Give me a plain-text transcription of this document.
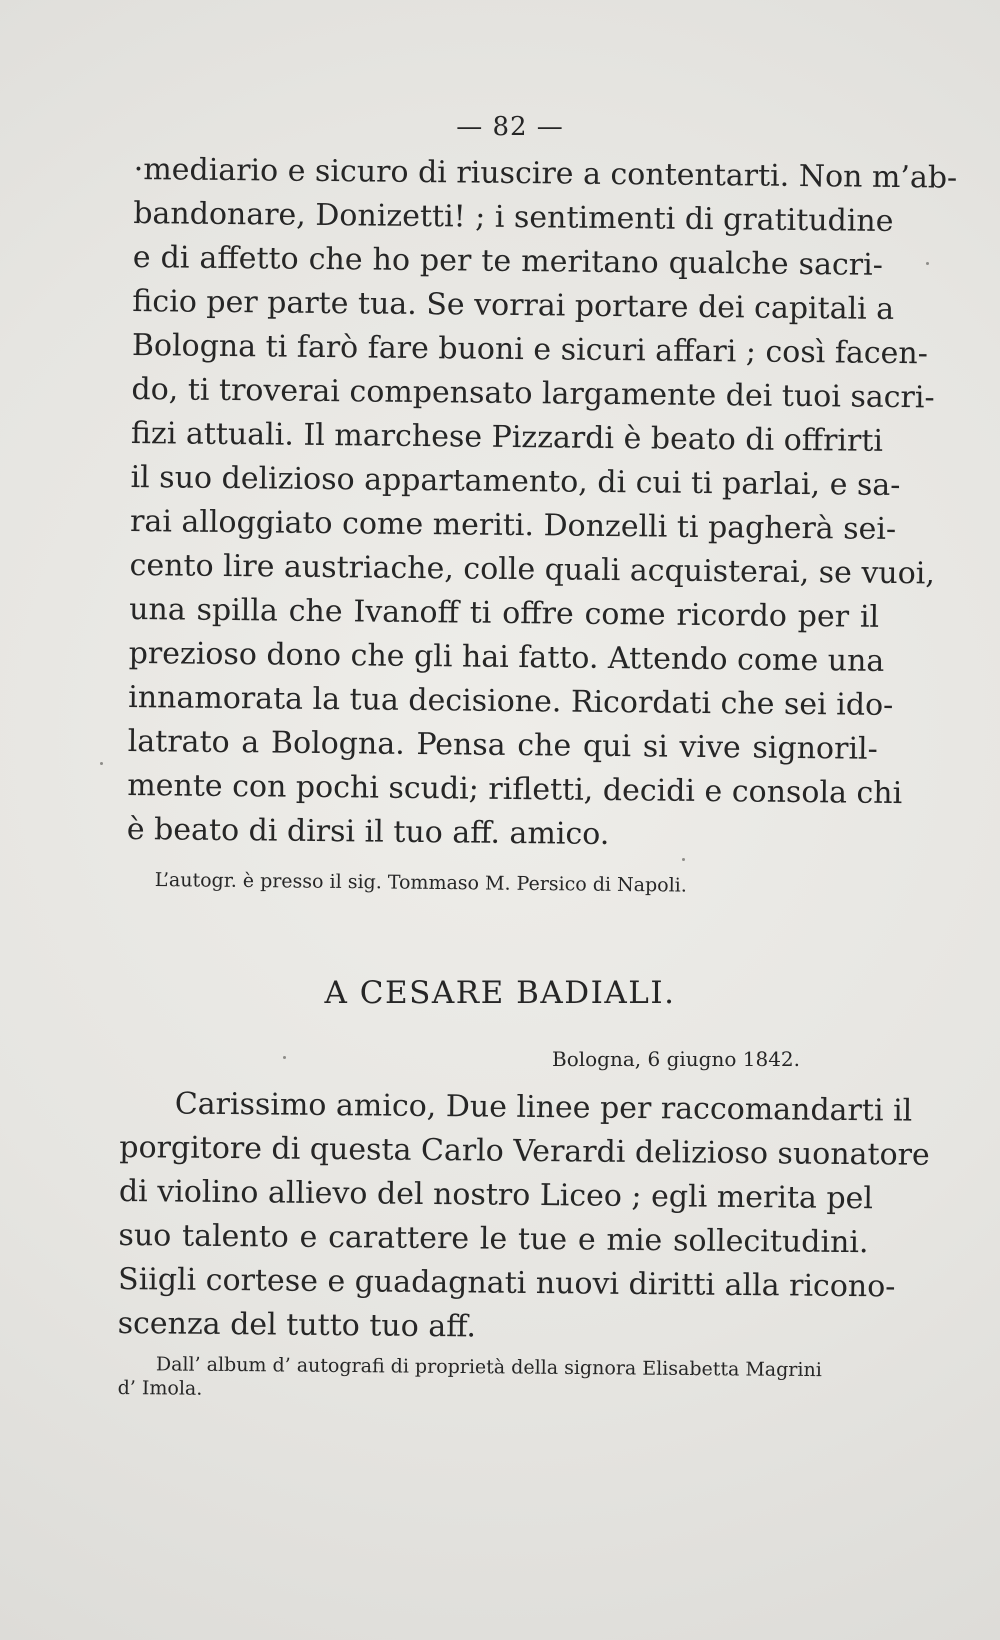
— 82 —
·mediario e sicuro di riuscire a contentarti. Non m’ab-
bandonare, Donizetti! ; i sentimenti di gratitudine
e di affetto che ho per te meritano qualche sacri-
ficio per parte tua. Se vorrai portare dei capitali a
Bologna ti farò fare buoni e sicuri affari ; così facen-
do, ti troverai compensato largamente dei tuoi sacri-
fizi attuali. Il marchese Pizzardi è beato di offrirti
il suo delizioso appartamento, di cui ti parlai, e sa-
rai alloggiato come meriti. Donzelli ti pagherà sei-
cento lire austriache, colle quali acquisterai, se vuoi,
una spilla che Ivanoff ti offre come ricordo per il
prezioso dono che gli hai fatto. Attendo come una
innamorata la tua decisione. Ricordati che sei ido-
latrato a Bologna. Pensa che qui si vive signoril-
mente con pochi scudi; rifletti, decidi e consola chi
è beato di dirsi il tuo aff. amico.

L’autogr. è presso il sig. Tommaso M. Persico di Napoli.

A CESARE BADIALI.

Bologna, 6 giugno 1842.

Carissimo amico, Due linee per raccomandarti il
porgitore di questa Carlo Verardi delizioso suonatore
di violino allievo del nostro Liceo ; egli merita pel
suo talento e carattere le tue e mie sollecitudini.
Siigli cortese e guadagnati nuovi diritti alla ricono-
scenza del tutto tuo aff.
Dall’ album d’ autografi di proprietà della signora Elisabetta Magrini
d’ Imola.
